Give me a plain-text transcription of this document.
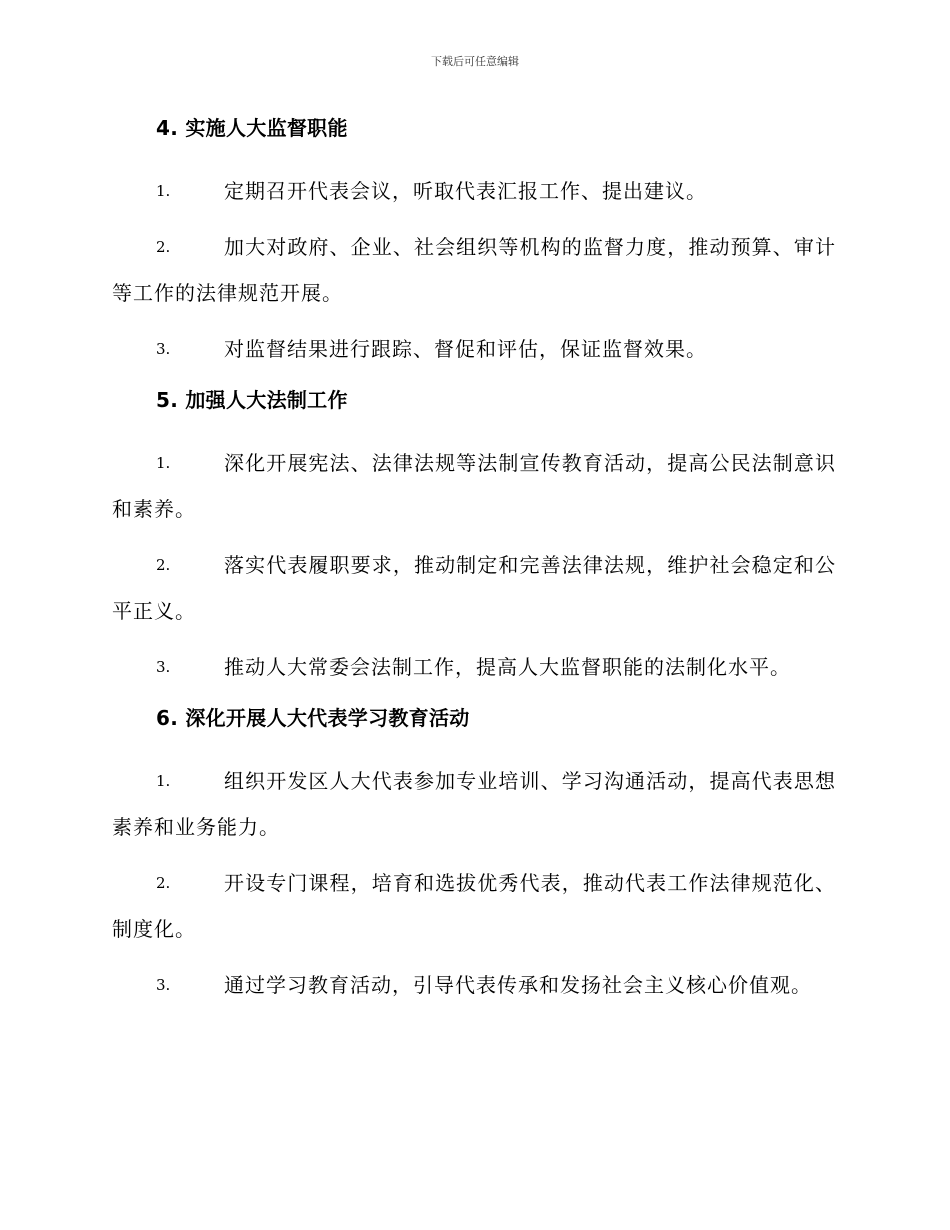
下载后可任意编辑
4. 实施人大监督职能
1.	定期召开代表会议，听取代表汇报工作、提出建议。
2.	加大对政府、企业、社会组织等机构的监督力度，推动预算、审计等工作的法律规范开展。
3.	对监督结果进行跟踪、督促和评估，保证监督效果。
5. 加强人大法制工作
1.	深化开展宪法、法律法规等法制宣传教育活动，提高公民法制意识和素养。
2.	落实代表履职要求，推动制定和完善法律法规，维护社会稳定和公平正义。
3.	推动人大常委会法制工作，提高人大监督职能的法制化水平。
6. 深化开展人大代表学习教育活动
1.	组织开发区人大代表参加专业培训、学习沟通活动，提高代表思想素养和业务能力。
2.	开设专门课程，培育和选拔优秀代表，推动代表工作法律规范化、制度化。
3.	通过学习教育活动，引导代表传承和发扬社会主义核心价值观。
